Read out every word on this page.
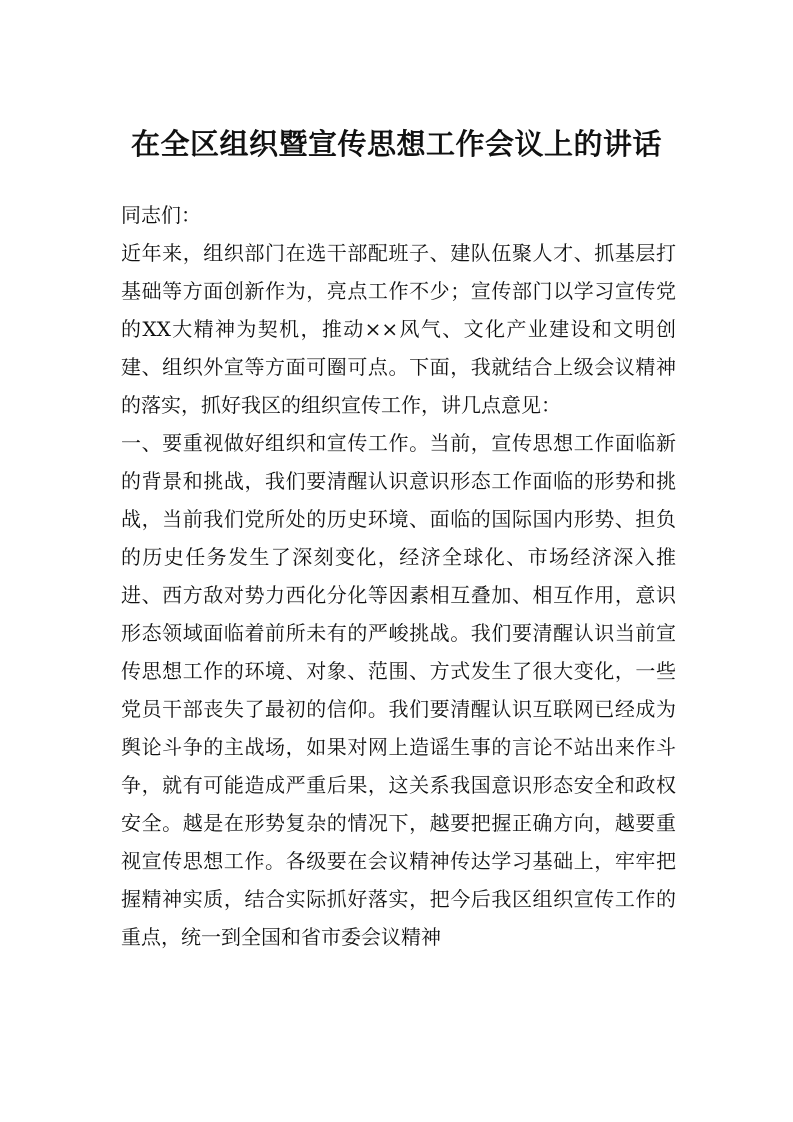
在全区组织暨宣传思想工作会议上的讲话

同志们：

近年来，组织部门在选干部配班子、建队伍聚人才、抓基层打基础等方面创新作为，亮点工作不少；宣传部门以学习宣传党的XX大精神为契机，推动××风气、文化产业建设和文明创建、组织外宣等方面可圈可点。下面，我就结合上级会议精神的落实，抓好我区的组织宣传工作，讲几点意见：

一、要重视做好组织和宣传工作。当前，宣传思想工作面临新的背景和挑战，我们要清醒认识意识形态工作面临的形势和挑战，当前我们党所处的历史环境、面临的国际国内形势、担负的历史任务发生了深刻变化，经济全球化、市场经济深入推进、西方敌对势力西化分化等因素相互叠加、相互作用，意识形态领域面临着前所未有的严峻挑战。我们要清醒认识当前宣传思想工作的环境、对象、范围、方式发生了很大变化，一些党员干部丧失了最初的信仰。我们要清醒认识互联网已经成为舆论斗争的主战场，如果对网上造谣生事的言论不站出来作斗争，就有可能造成严重后果，这关系我国意识形态安全和政权安全。越是在形势复杂的情况下，越要把握正确方向，越要重视宣传思想工作。各级要在会议精神传达学习基础上，牢牢把握精神实质，结合实际抓好落实，把今后我区组织宣传工作的重点，统一到全国和省市委会议精神
